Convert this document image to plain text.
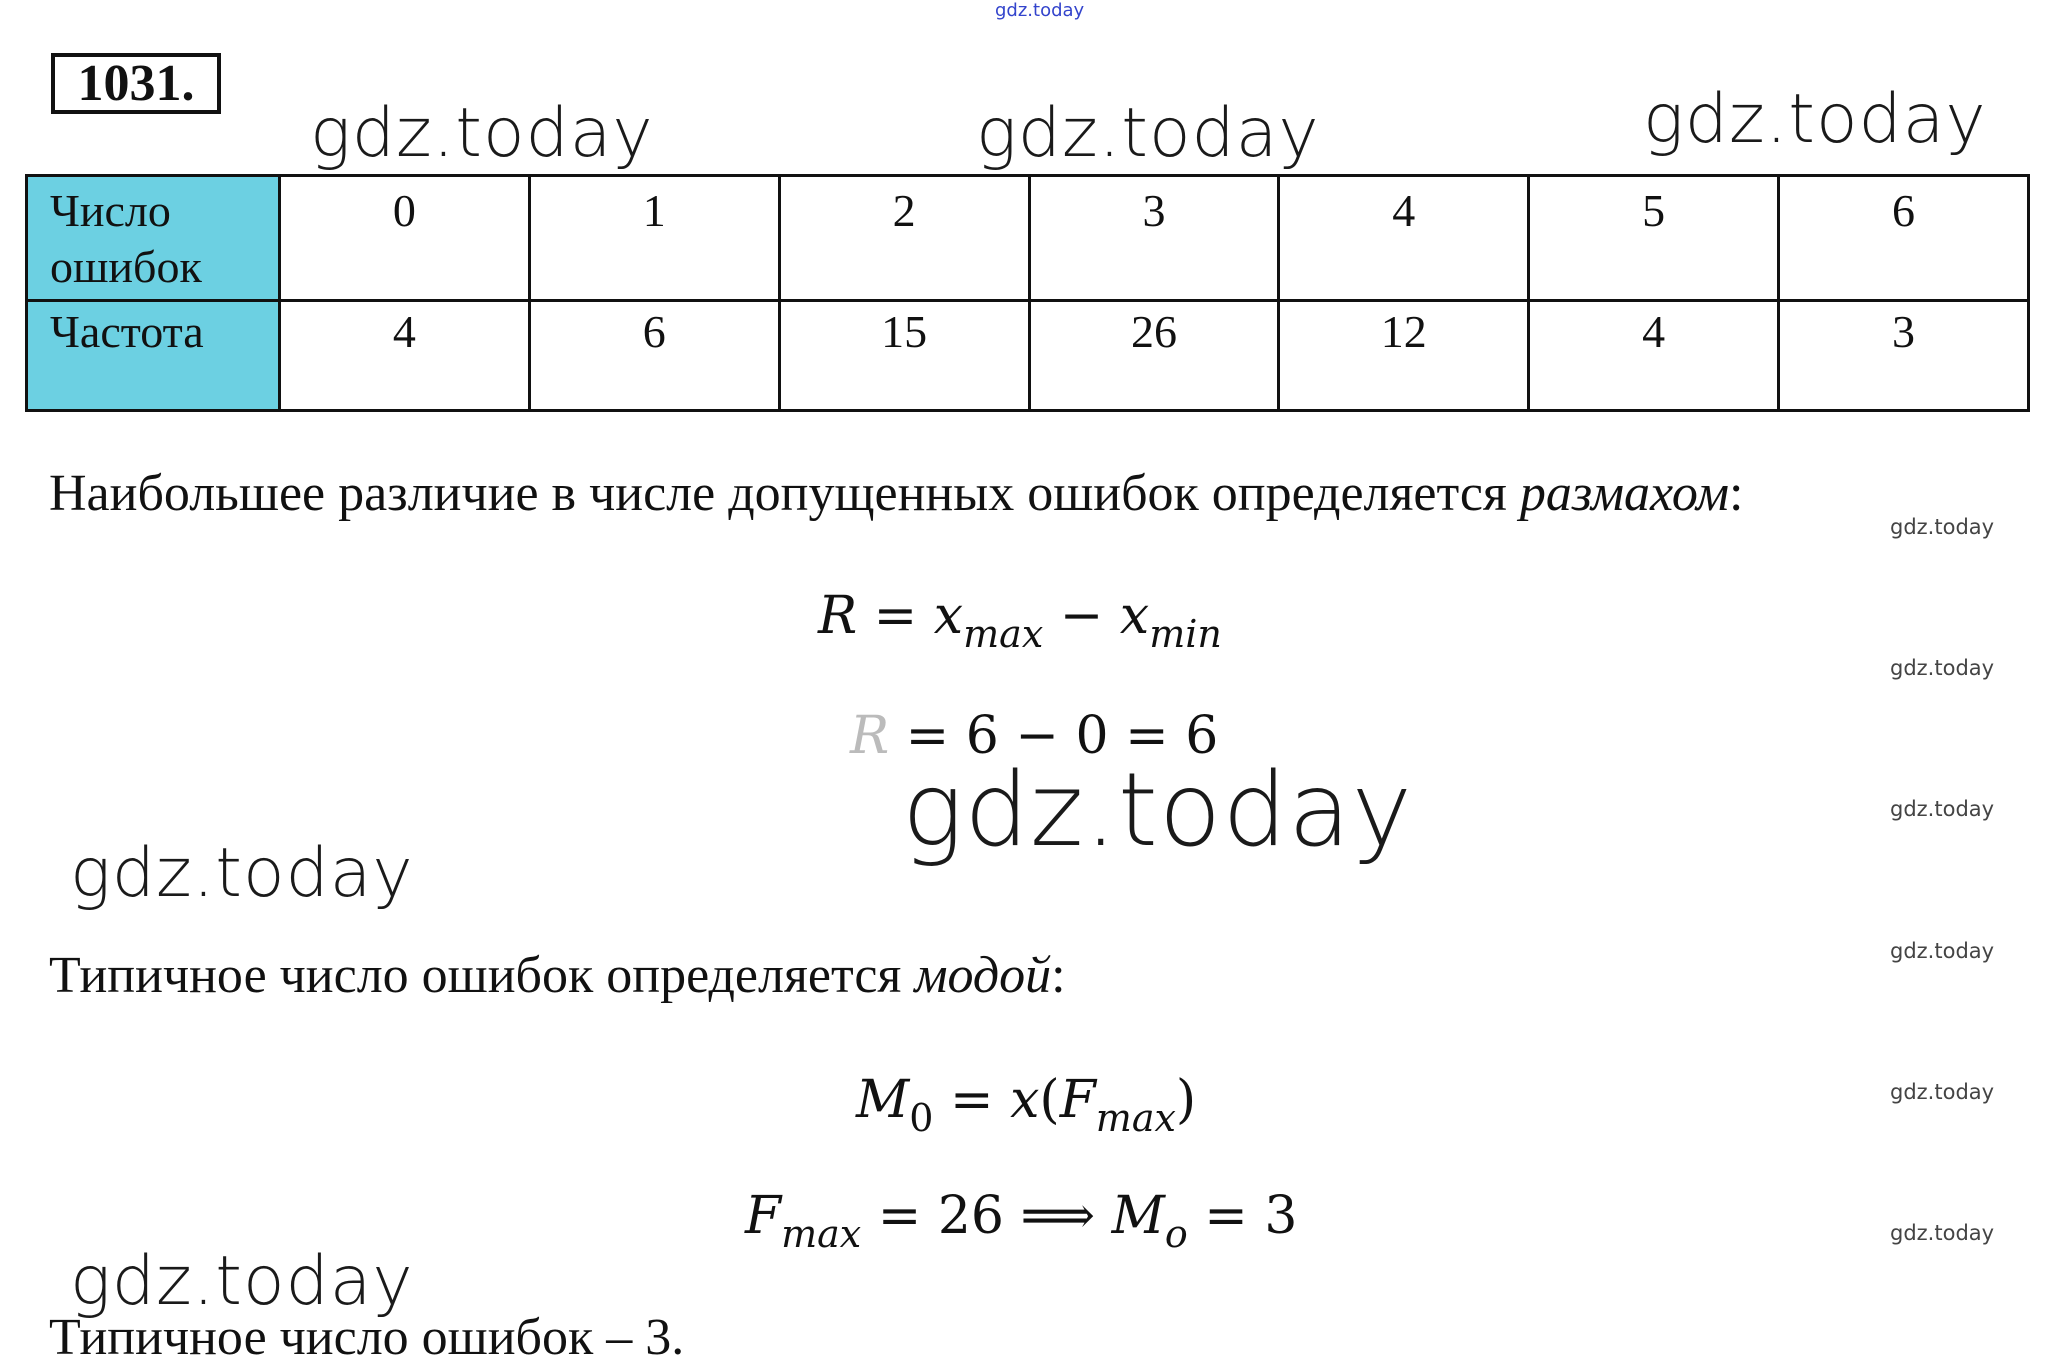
gdz.today
gdz.today	gdz.today	gdz.today
gdz.today
gdz.today
gdz.today
gdz.today
gdz.today
gdz.today
gdz.today
gdz.today
gdz.today
1031.
Число
ошибок	0	1	2	3	4	5	6
Частота	4	6	15	26	12	4	3
Наибольшее различие в числе допущенных ошибок определяется размахом:
$R = x_{max} - x_{min}$
R = 6 − 0 = 6
Типичное число ошибок определяется модой:
$M_0 = x(F_{max})$
$F_{max} = 26$ ⟹ $M_o = 3$
Типичное число ошибок – 3.
